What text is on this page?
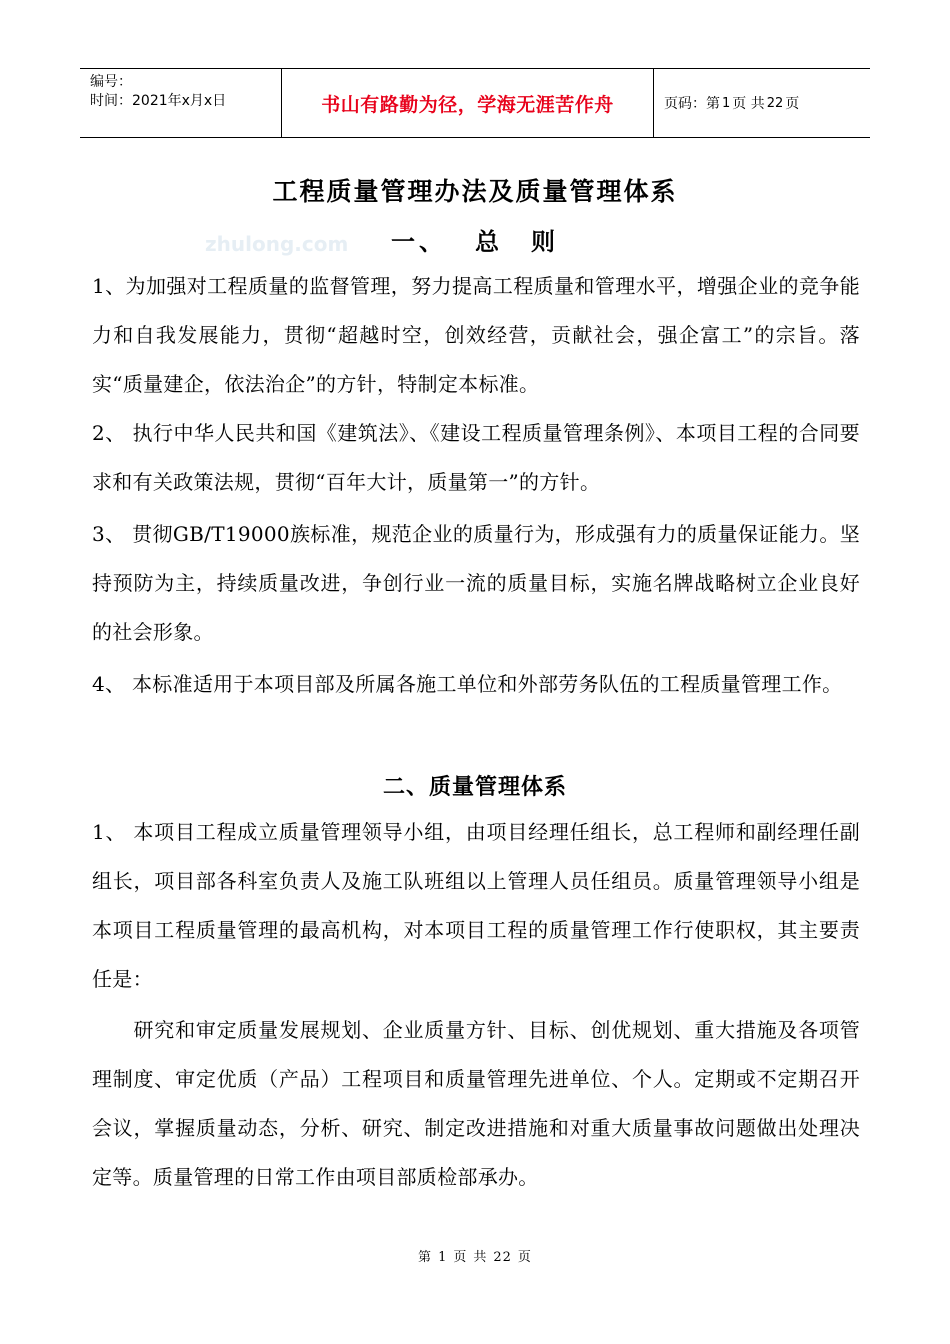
编号：
时间：2021年x月x日	书山有路勤为径，学海无涯苦作舟	页码：第 1 页 共 22 页
工程质量管理办法及质量管理体系
zhulong.com	一、 总 则
1、为加强对工程质量的监督管理，努力提高工程质量和管理水平，增强企业的竞争能力和自我发展能力，贯彻“超越时空，创效经营，贡献社会，强企富工”的宗旨。落实“质量建企，依法治企”的方针，特制定本标准。
2、 执行中华人民共和国《建筑法》、《建设工程质量管理条例》、本项目工程的合同要求和有关政策法规，贯彻“百年大计，质量第一”的方针。
3、 贯彻GB/T19000族标准，规范企业的质量行为，形成强有力的质量保证能力。坚持预防为主，持续质量改进，争创行业一流的质量目标，实施名牌战略树立企业良好的社会形象。
4、 本标准适用于本项目部及所属各施工单位和外部劳务队伍的工程质量管理工作。
二、质量管理体系
1、 本项目工程成立质量管理领导小组，由项目经理任组长，总工程师和副经理任副组长，项目部各科室负责人及施工队班组以上管理人员任组员。质量管理领导小组是本项目工程质量管理的最高机构，对本项目工程的质量管理工作行使职权，其主要责任是：
　　研究和审定质量发展规划、企业质量方针、目标、创优规划、重大措施及各项管理制度、审定优质（产品）工程项目和质量管理先进单位、个人。定期或不定期召开会议，掌握质量动态，分析、研究、制定改进措施和对重大质量事故问题做出处理决定等。质量管理的日常工作由项目部质检部承办。
第 1 页 共 22 页
